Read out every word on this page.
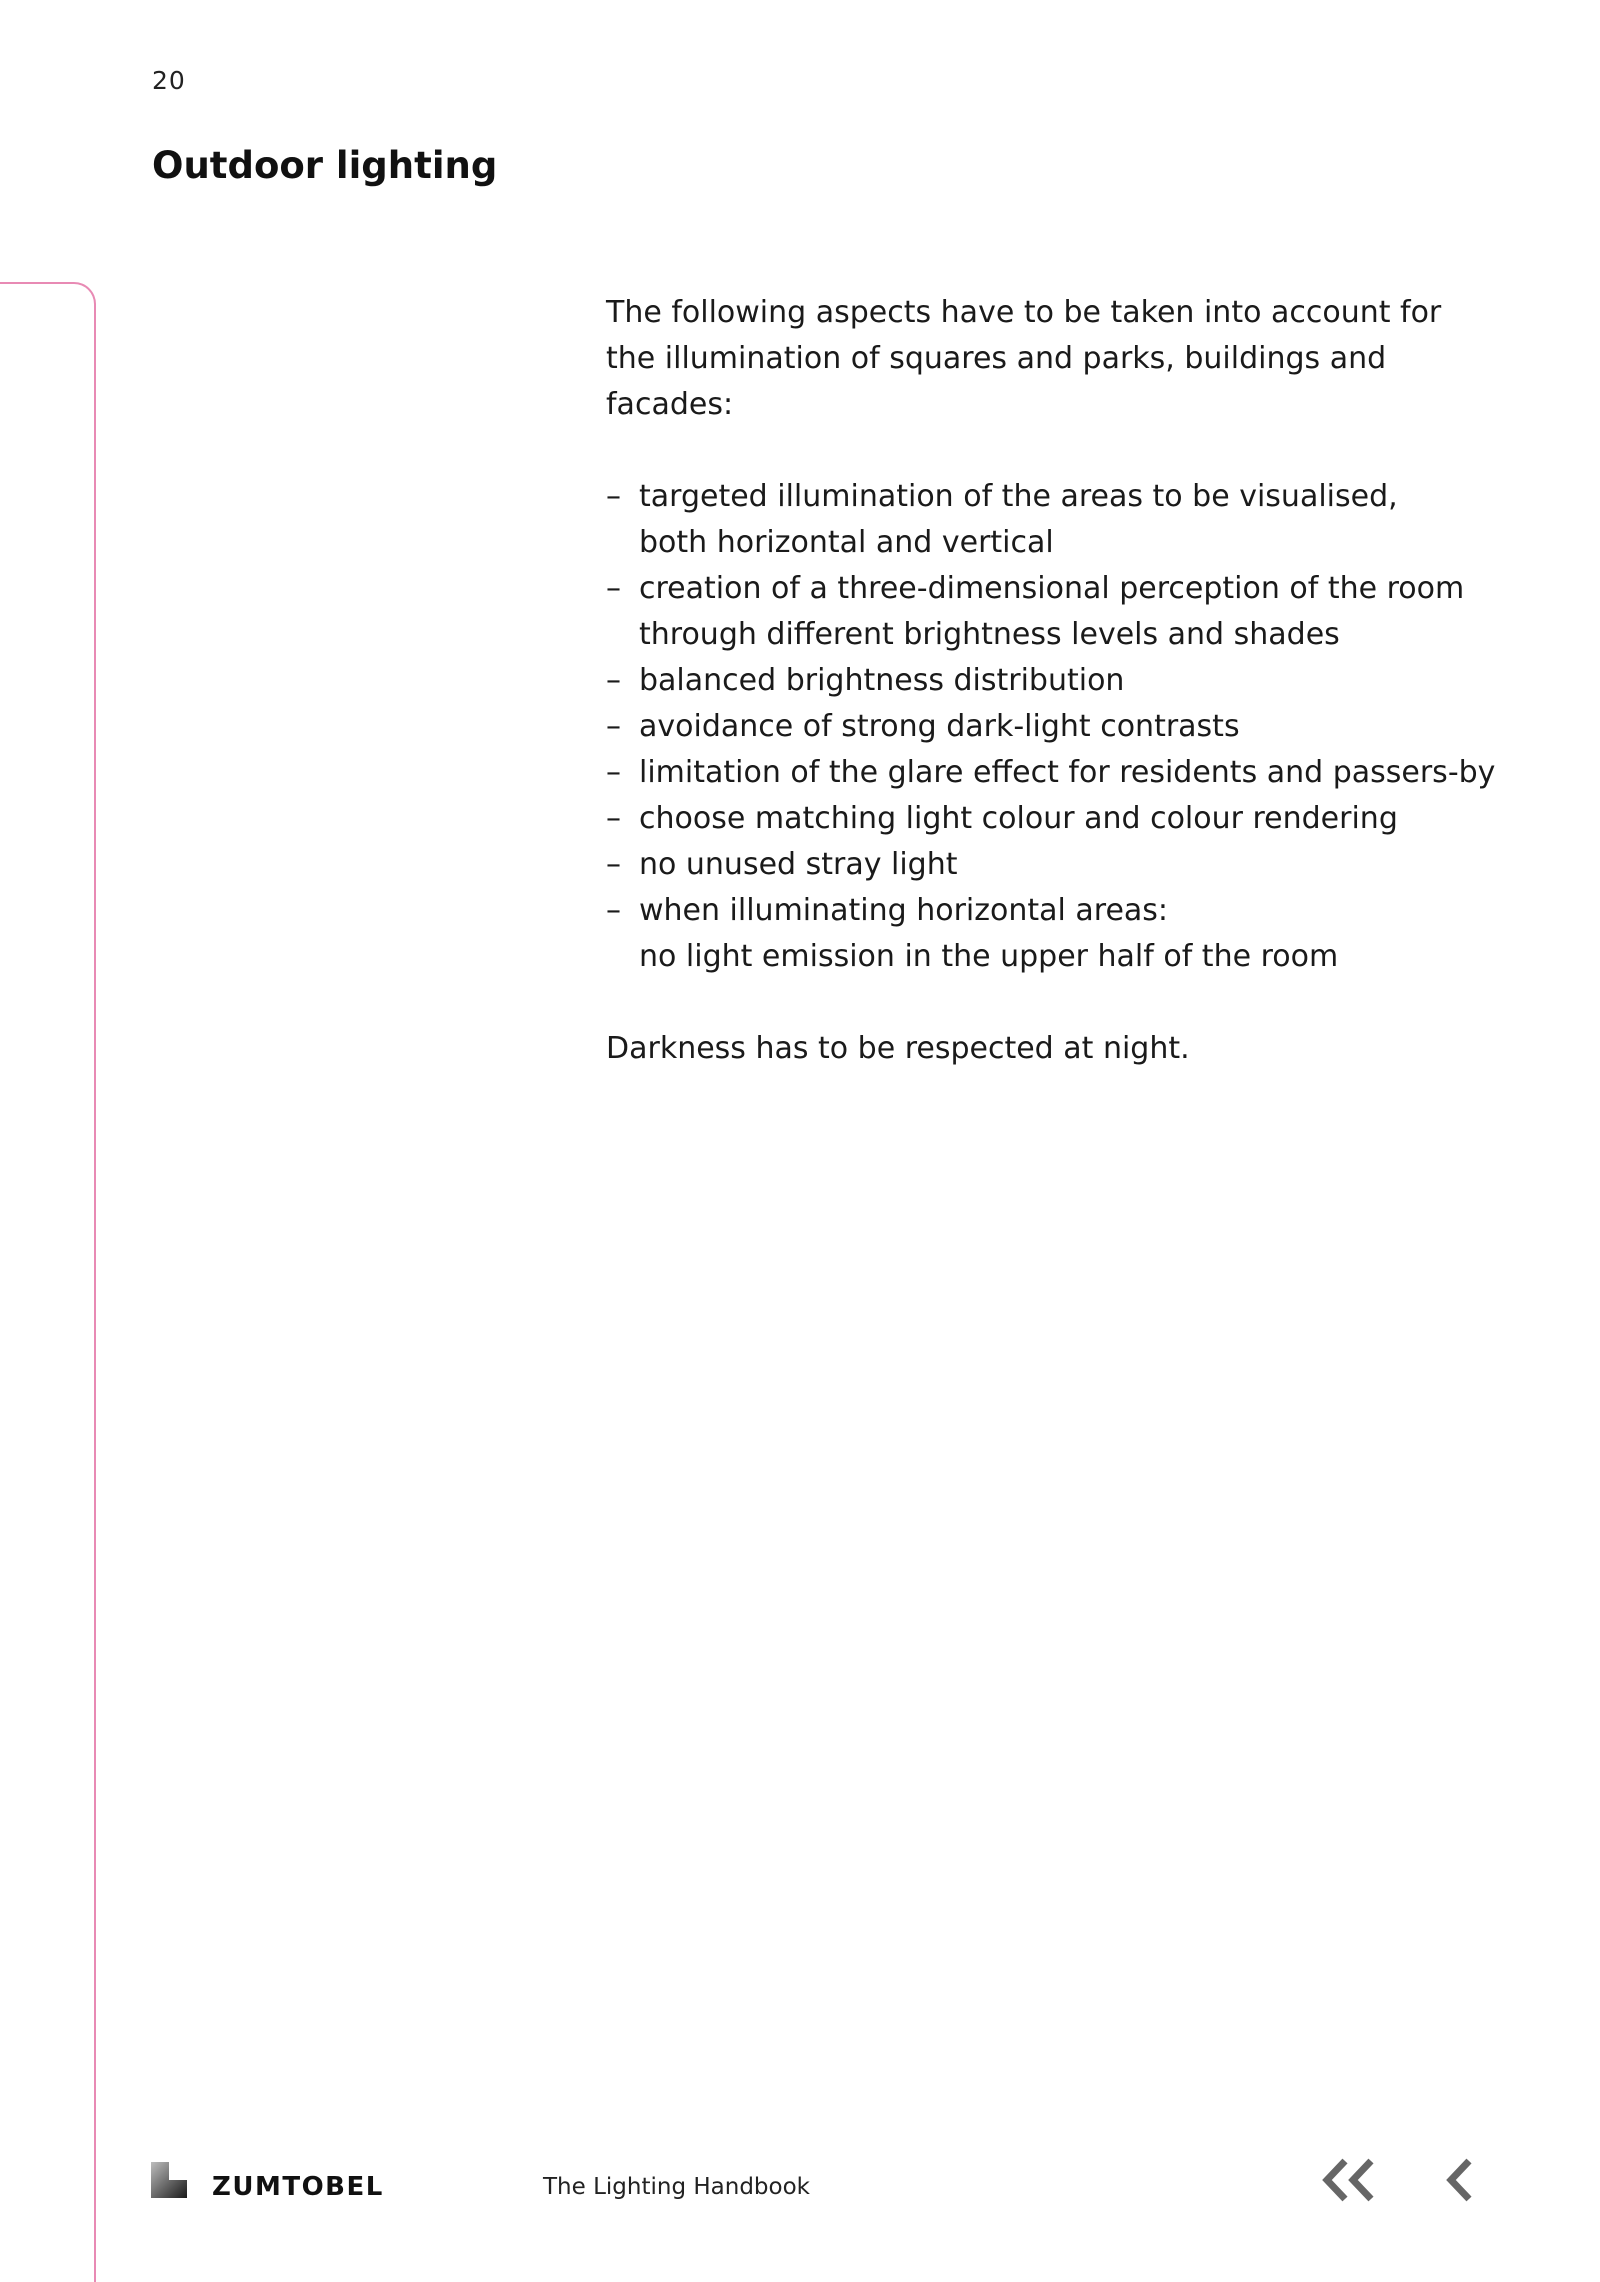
20
Outdoor lighting

The following aspects have to be taken into account for the illumination of squares and parks, buildings and facades:

– targeted illumination of the areas to be visualised,
both horizontal and vertical
– creation of a three-dimensional perception of the room
through different brightness levels and shades
– balanced brightness distribution
– avoidance of strong dark-light contrasts
– limitation of the glare effect for residents and passers-by
– choose matching light colour and colour rendering
– no unused stray light
– when illuminating horizontal areas:
no light emission in the upper half of the room

Darkness has to be respected at night.

ZUMTOBEL	The Lighting Handbook
